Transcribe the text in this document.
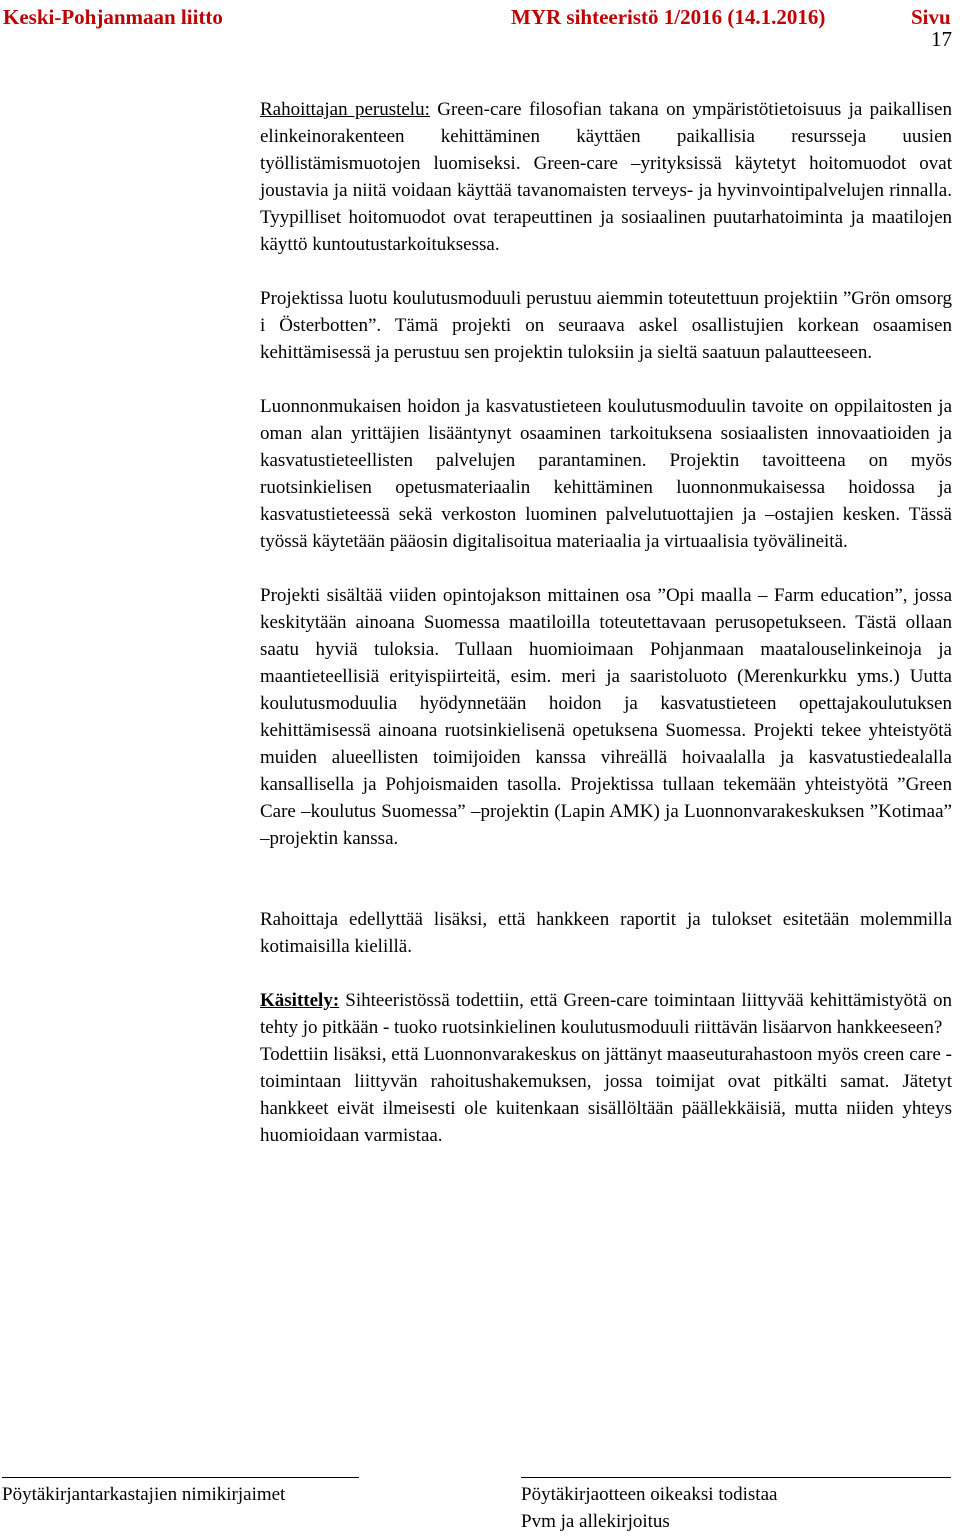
Keski-Pohjanmaan liitto	MYR sihteeristö 1/2016 (14.1.2016)	Sivu
17

Rahoittajan perustelu: Green-care filosofian takana on ympäristötietoisuus ja paikallisen elinkeinorakenteen kehittäminen käyttäen paikallisia resursseja uusien työllistämismuotojen luomiseksi. Green-care –yrityksissä käytetyt hoitomuodot ovat joustavia ja niitä voidaan käyttää tavanomaisten terveys- ja hyvinvointipalvelujen rinnalla. Tyypilliset hoitomuodot ovat terapeuttinen ja sosiaalinen puutarhatoiminta ja maatilojen käyttö kuntoutustarkoituksessa.

Projektissa luotu koulutusmoduuli perustuu aiemmin toteutettuun projektiin ”Grön omsorg i Österbotten”. Tämä projekti on seuraava askel osallistujien korkean osaamisen kehittämisessä ja perustuu sen projektin tuloksiin ja sieltä saatuun palautteeseen.

Luonnonmukaisen hoidon ja kasvatustieteen koulutusmoduulin tavoite on oppilaitosten ja oman alan yrittäjien lisääntynyt osaaminen tarkoituksena sosiaalisten innovaatioiden ja kasvatustieteellisten palvelujen parantaminen. Projektin tavoitteena on myös ruotsinkielisen opetusmateriaalin kehittäminen luonnonmukaisessa hoidossa ja kasvatustieteessä sekä verkoston luominen palvelutuottajien ja –ostajien kesken. Tässä työssä käytetään pääosin digitalisoitua materiaalia ja virtuaalisia työvälineitä.

Projekti sisältää viiden opintojakson mittainen osa ”Opi maalla – Farm education”, jossa keskitytään ainoana Suomessa maatiloilla toteutettavaan perusopetukseen. Tästä ollaan saatu hyviä tuloksia. Tullaan huomioimaan Pohjanmaan maatalouselinkeinoja ja maantieteellisiä erityispiirteitä, esim. meri ja saaristoluoto (Merenkurkku yms.) Uutta koulutusmoduulia hyödynnetään hoidon ja kasvatustieteen opettajakoulutuksen kehittämisessä ainoana ruotsinkielisenä opetuksena Suomessa. Projekti tekee yhteistyötä muiden alueellisten toimijoiden kanssa vihreällä hoivaalalla ja kasvatustiedealalla kansallisella ja Pohjoismaiden tasolla. Projektissa tullaan tekemään yhteistyötä ”Green Care –koulutus Suomessa” –projektin (Lapin AMK) ja Luonnonvarakeskuksen ”Kotimaa” –projektin kanssa.

Rahoittaja edellyttää lisäksi, että hankkeen raportit ja tulokset esitetään molemmilla kotimaisilla kielillä.

Käsittely: Sihteeristössä todettiin, että Green-care toimintaan liittyvää kehittämistyötä on tehty jo pitkään - tuoko ruotsinkielinen koulutusmoduuli riittävän lisäarvon hankkeeseen?

Todettiin lisäksi, että Luonnonvarakeskus on jättänyt maaseuturahastoon myös creen care -toimintaan liittyvän rahoitushakemuksen, jossa toimijat ovat pitkälti samat. Jätetyt hankkeet eivät ilmeisesti ole kuitenkaan sisällöltään päällekkäisiä, mutta niiden yhteys huomioidaan varmistaa.

Pöytäkirjantarkastajien nimikirjaimet	Pöytäkirjaotteen oikeaksi todistaa
Pvm ja allekirjoitus
